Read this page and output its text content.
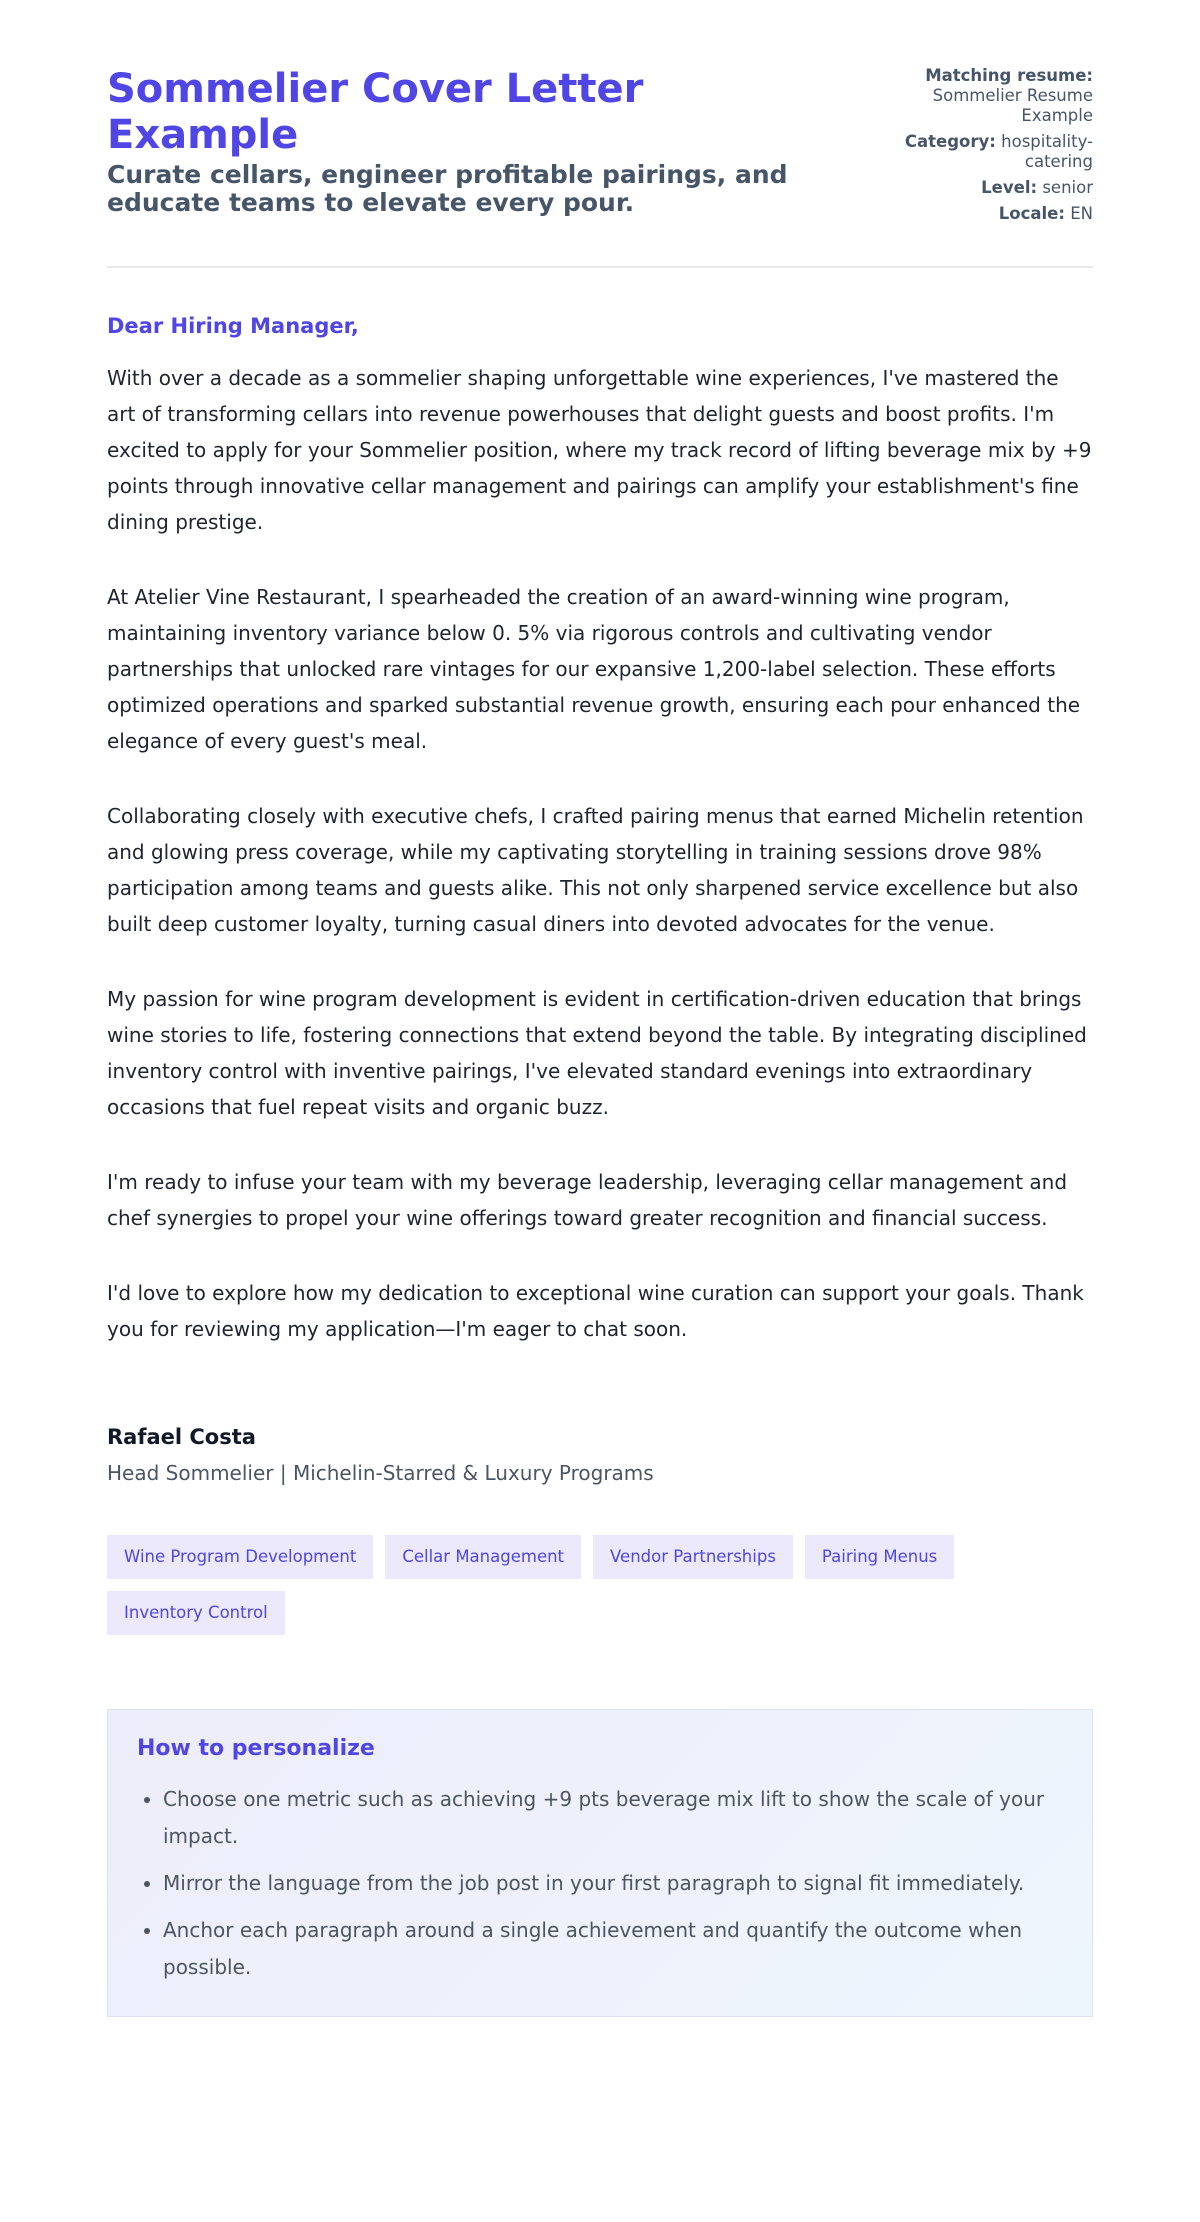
Sommelier Cover Letter Example

Curate cellars, engineer profitable pairings, and educate teams to elevate every pour.

Matching resume: Sommelier Resume Example
Category: hospitality-catering
Level: senior
Locale: EN
Dear Hiring Manager,

With over a decade as a sommelier shaping unforgettable wine experiences, I've mastered the art of transforming cellars into revenue powerhouses that delight guests and boost profits. I'm excited to apply for your Sommelier position, where my track record of lifting beverage mix by +9 points through innovative cellar management and pairings can amplify your establishment's fine dining prestige.

At Atelier Vine Restaurant, I spearheaded the creation of an award-winning wine program, maintaining inventory variance below 0. 5% via rigorous controls and cultivating vendor partnerships that unlocked rare vintages for our expansive 1,200-label selection. These efforts optimized operations and sparked substantial revenue growth, ensuring each pour enhanced the elegance of every guest's meal.

Collaborating closely with executive chefs, I crafted pairing menus that earned Michelin retention and glowing press coverage, while my captivating storytelling in training sessions drove 98% participation among teams and guests alike. This not only sharpened service excellence but also built deep customer loyalty, turning casual diners into devoted advocates for the venue.

My passion for wine program development is evident in certification-driven education that brings wine stories to life, fostering connections that extend beyond the table. By integrating disciplined inventory control with inventive pairings, I've elevated standard evenings into extraordinary occasions that fuel repeat visits and organic buzz.

I'm ready to infuse your team with my beverage leadership, leveraging cellar management and chef synergies to propel your wine offerings toward greater recognition and financial success.

I'd love to explore how my dedication to exceptional wine curation can support your goals. Thank you for reviewing my application—I'm eager to chat soon.

Rafael Costa

Head Sommelier | Michelin-Starred & Luxury Programs

Wine Program Development	Cellar Management	Vendor Partnerships	Pairing Menus
Inventory Control
How to personalize
• Choose one metric such as achieving +9 pts beverage mix lift to show the scale of your impact.
• Mirror the language from the job post in your first paragraph to signal fit immediately.
• Anchor each paragraph around a single achievement and quantify the outcome when possible.
